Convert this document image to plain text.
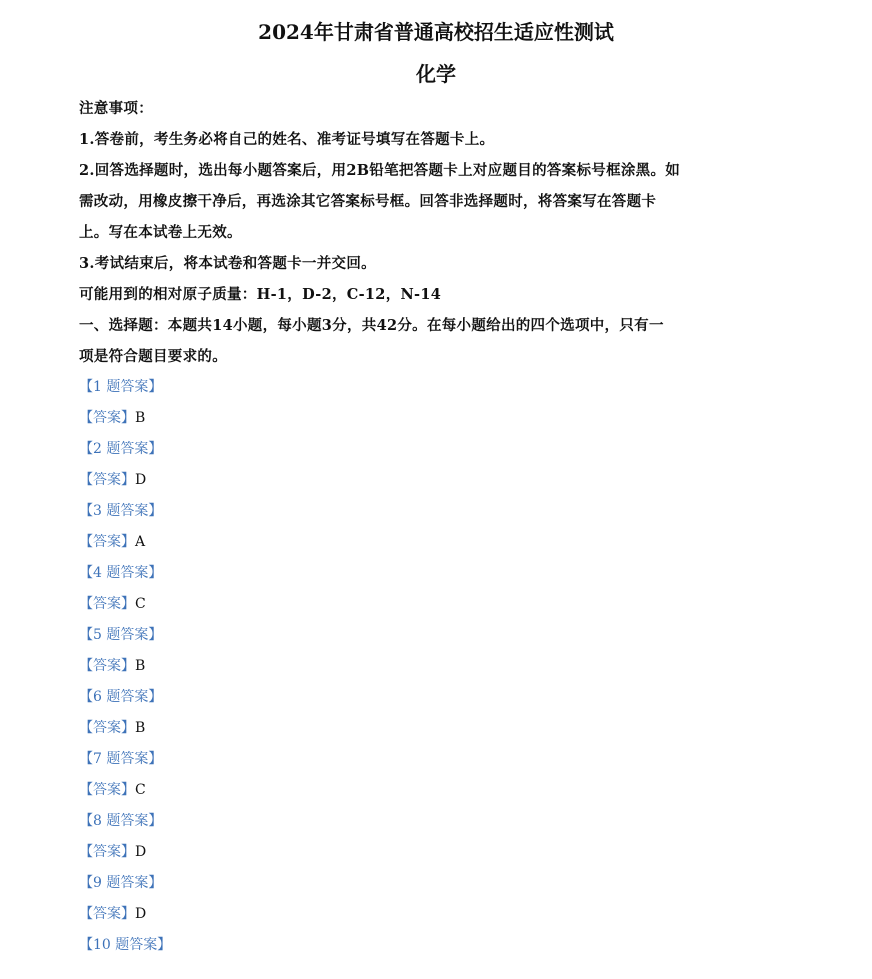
2024年甘肃省普通高校招生适应性测试
化学
注意事项：
1.答卷前，考生务必将自己的姓名、准考证号填写在答题卡上。
2.回答选择题时，选出每小题答案后，用2B铅笔把答题卡上对应题目的答案标号框涂黑。如
需改动，用橡皮擦干净后，再选涂其它答案标号框。回答非选择题时，将答案写在答题卡
上。写在本试卷上无效。
3.考试结束后，将本试卷和答题卡一并交回。
可能用到的相对原子质量：H-1，D-2，C-12，N-14
一、选择题：本题共14小题，每小题3分，共42分。在每小题给出的四个选项中，只有一
项是符合题目要求的。
【1 题答案】
【答案】B
【2 题答案】
【答案】D
【3 题答案】
【答案】A
【4 题答案】
【答案】C
【5 题答案】
【答案】B
【6 题答案】
【答案】B
【7 题答案】
【答案】C
【8 题答案】
【答案】D
【9 题答案】
【答案】D
【10 题答案】
